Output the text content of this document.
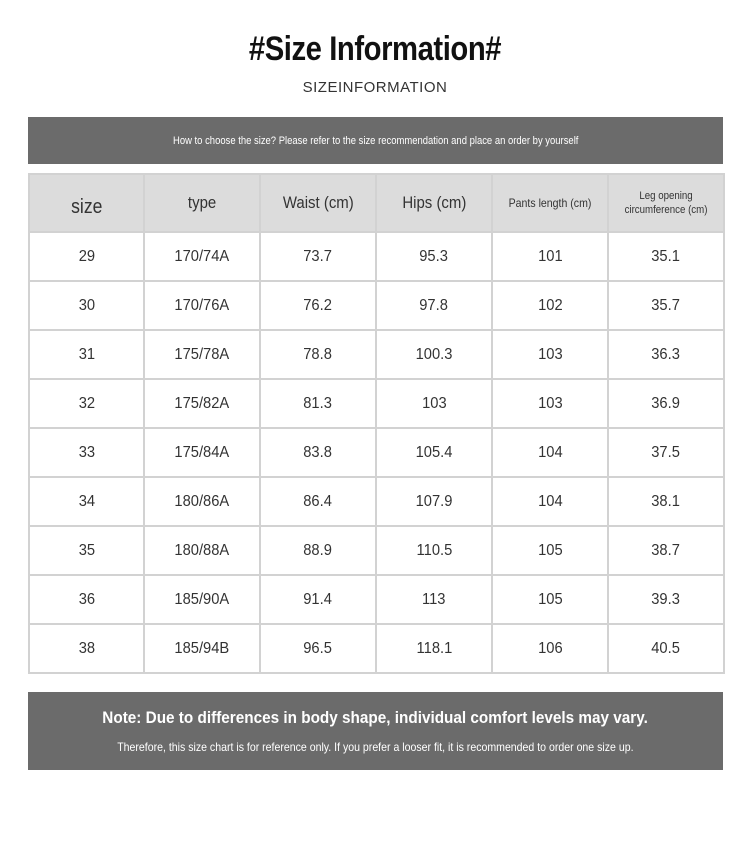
#Size Information#
SIZEINFORMATION
How to choose the size? Please refer to the size recommendation and place an order by yourself
size	type	Waist (cm)	Hips (cm)	Pants length (cm)	Leg opening circumference (cm)
29	170/74A	73.7	95.3	101	35.1
30	170/76A	76.2	97.8	102	35.7
31	175/78A	78.8	100.3	103	36.3
32	175/82A	81.3	103	103	36.9
33	175/84A	83.8	105.4	104	37.5
34	180/86A	86.4	107.9	104	38.1
35	180/88A	88.9	110.5	105	38.7
36	185/90A	91.4	113	105	39.3
38	185/94B	96.5	118.1	106	40.5
Note: Due to differences in body shape, individual comfort levels may vary.
Therefore, this size chart is for reference only. If you prefer a looser fit, it is recommended to order one size up.
